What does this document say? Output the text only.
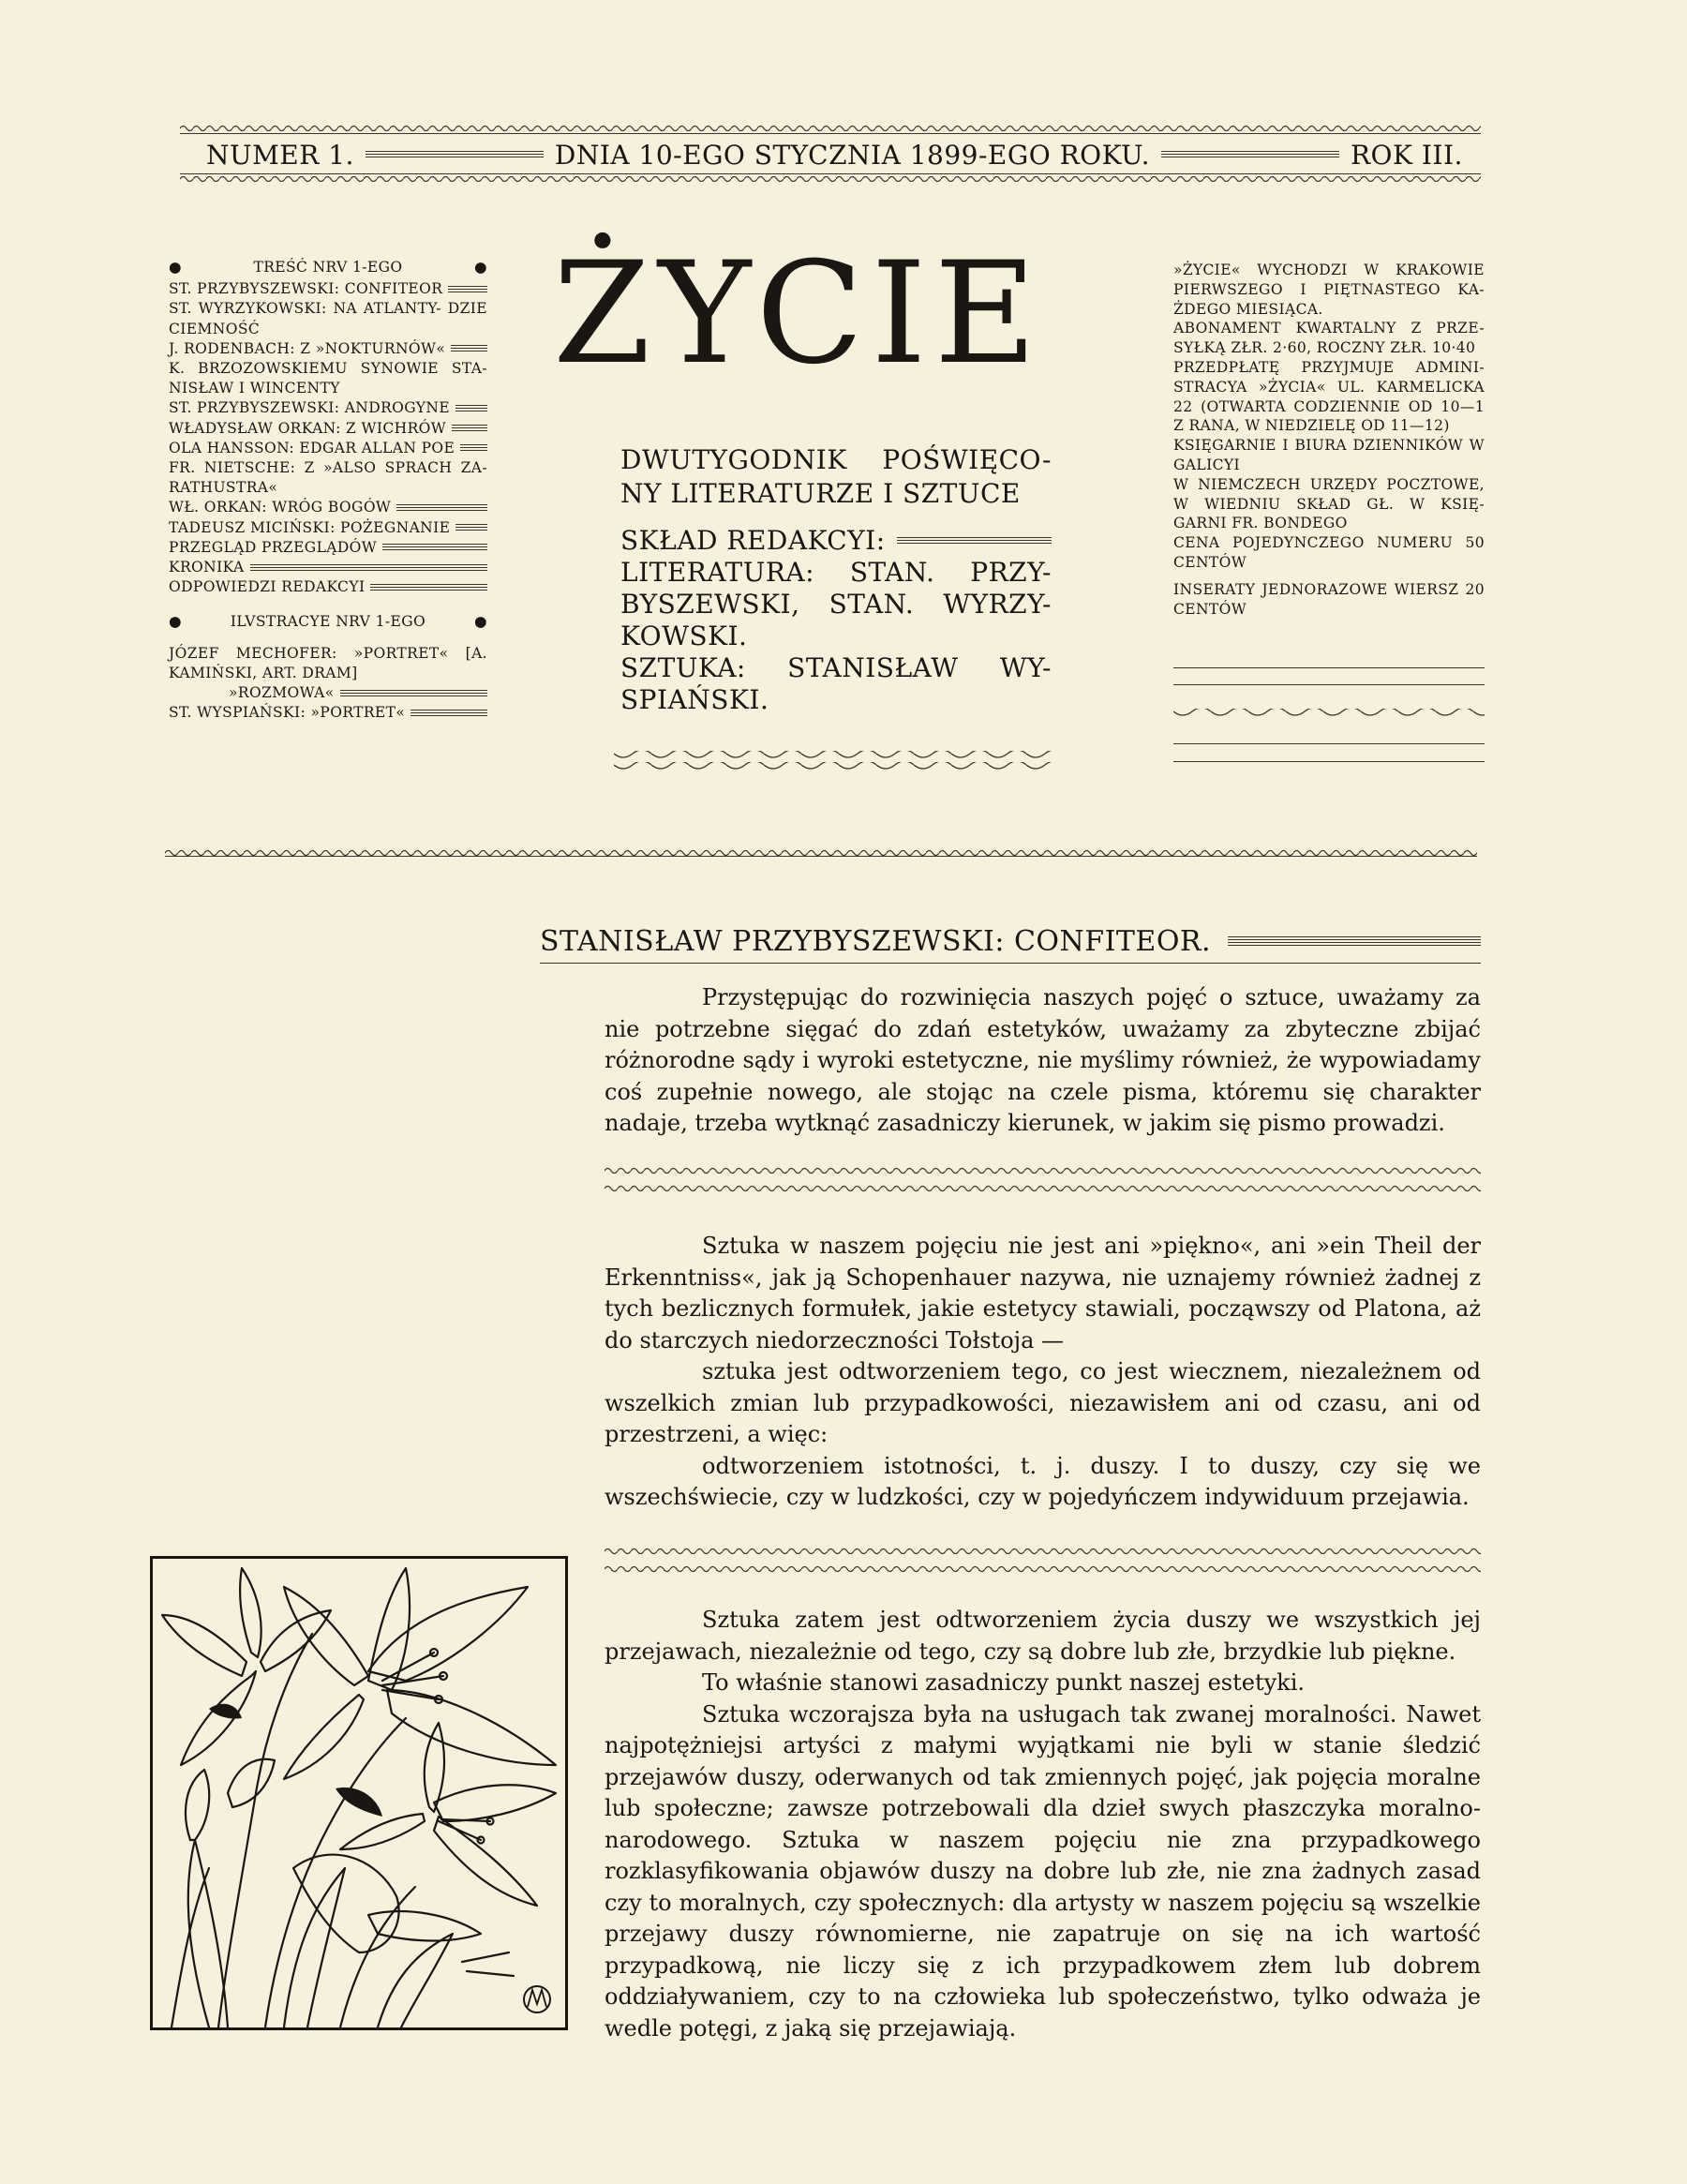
NUMER 1.	DNIA 10-EGO STYCZNIA 1899-EGO ROKU.	ROK III.
●	TREŚĆ NRV 1-EGO	●
ST. PRZYBYSZEWSKI: CONFITEOR
ST. WYRZYKOWSKI: NA ATLANTY- DZIE CIEMNOŚĆ
J. RODENBACH: Z »NOKTURNÓW«
K. BRZOZOWSKIEMU SYNOWIE STA- NISŁAW I WINCENTY
ST. PRZYBYSZEWSKI: ANDROGYNE
WŁADYSŁAW ORKAN: Z WICHRÓW
OLA HANSSON: EDGAR ALLAN POE
FR. NIETSCHE: Z »ALSO SPRACH ZA- RATHUSTRA«
WŁ. ORKAN: WRÓG BOGÓW
TADEUSZ MICIŃSKI: POŻEGNANIE
PRZEGLĄD PRZEGLĄDÓW
KRONIKA
ODPOWIEDZI REDAKCYI
●	ILVSTRACYE NRV 1-EGO	●
JÓZEF MECHOFER: »PORTRET« [A. KAMIŃSKI, ART. DRAM]
»ROZMOWA«
ST. WYSPIAŃSKI: »PORTRET«
ŻYCIE
DWUTYGODNIK POŚWIĘCO- NY LITERATURZE I SZTUCE
SKŁAD REDAKCYI:
LITERATURA: STAN. PRZY- BYSZEWSKI, STAN. WYRZY- KOWSKI.
SZTUKA: STANISŁAW WY- SPIAŃSKI.
»ŻYCIE« WYCHODZI W KRAKOWIE PIERWSZEGO I PIĘTNASTEGO KA- ŻDEGO MIESIĄCA.
ABONAMENT KWARTALNY Z PRZE- SYŁKĄ ZŁR. 2·60, ROCZNY ZŁR. 10·40
PRZEDPŁATĘ PRZYJMUJE ADMINI- STRACYA »ŻYCIA« UL. KARMELICKA 22 (OTWARTA CODZIENNIE OD 10—1 Z RANA, W NIEDZIELĘ OD 11—12)
KSIĘGARNIE I BIURA DZIENNIKÓW W GALICYI
W NIEMCZECH URZĘDY POCZTOWE, W WIEDNIU SKŁAD GŁ. W KSIĘ- GARNI FR. BONDEGO
CENA POJEDYNCZEGO NUMERU 50 CENTÓW
INSERATY JEDNORAZOWE WIERSZ 20 CENTÓW
STANISŁAW PRZYBYSZEWSKI: CONFITEOR.

Przystępując do rozwinięcia naszych pojęć o sztuce, uważamy za nie potrzebne sięgać do zdań estetyków, uważamy za zbyteczne zbijać różnorodne sądy i wyroki estetyczne, nie myślimy również, że wypowiadamy coś zupełnie nowego, ale stojąc na czele pisma, któremu się charakter nadaje, trzeba wytknąć zasadniczy kierunek, w jakim się pismo prowadzi.

Sztuka w naszem pojęciu nie jest ani »piękno«, ani »ein Theil der Erkenntniss«, jak ją Schopenhauer nazywa, nie uznajemy również żadnej z tych bezlicznych formułek, jakie estetycy stawiali, począwszy od Platona, aż do starczych niedorzeczności Tołstoja —

sztuka jest odtworzeniem tego, co jest wiecznem, niezależnem od wszelkich zmian lub przypadkowości, niezawisłem ani od czasu, ani od przestrzeni, a więc:

odtworzeniem istotności, t. j. duszy. I to duszy, czy się we wszechświecie, czy w ludzkości, czy w pojedyńczem indywiduum przejawia.

Sztuka zatem jest odtworzeniem życia duszy we wszystkich jej przejawach, niezależnie od tego, czy są dobre lub złe, brzydkie lub piękne.

To właśnie stanowi zasadniczy punkt naszej estetyki.

Sztuka wczorajsza była na usługach tak zwanej moralności. Nawet najpotężniejsi artyści z małymi wyjątkami nie byli w stanie śledzić przejawów duszy, oderwanych od tak zmiennych pojęć, jak pojęcia moralne lub społeczne; zawsze potrzebowali dla dzieł swych płaszczyka moralno-narodowego. Sztuka w naszem pojęciu nie zna przypadkowego rozklasyfikowania objawów duszy na dobre lub złe, nie zna żadnych zasad czy to moralnych, czy społecznych: dla artysty w naszem pojęciu są wszelkie przejawy duszy równomierne, nie zapatruje on się na ich wartość przypadkową, nie liczy się z ich przypadkowem złem lub dobrem oddziaływaniem, czy to na człowieka lub społeczeństwo, tylko odważa je wedle potęgi, z jaką się przejawiają.
